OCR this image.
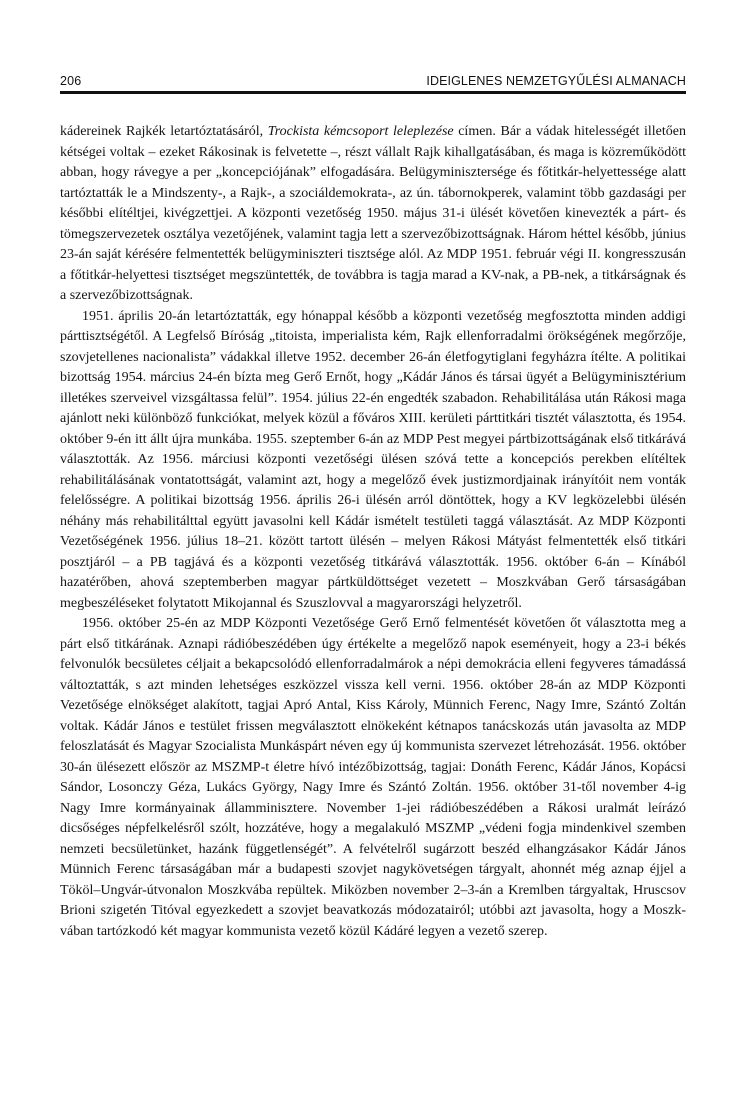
206	IDEIGLENES NEMZETGYŰLÉSI ALMANACH

kádereinek Rajkék letartóztatásáról, Trockista kémcsoport leleplezése címen. Bár a vádak hitelességét illetően kétségei voltak – ezeket Rákosinak is felvetette –, részt vállalt Rajk kihallgatásában, és maga is közreműködött abban, hogy rávegye a per „koncepciójának” elfogadására. Belügyminisztersége és főtitkár-helyettessége alatt tartóztatták le a Mindszenty-, a Rajk-, a szociáldemokrata-, az ún. tábornokperek, valamint több gazdasági per későbbi elítéltjei, kivégzettjei. A központi vezetőség 1950. május 31-i ülését követően kinevezték a párt- és tömegszervezetek osztálya vezetőjének, valamint tagja lett a szervezőbizottságnak. Három héttel később, június 23-án saját kérésére felmentették belügyminiszteri tisztsége alól. Az MDP 1951. február végi II. kongresszusán a főtitkár-helyettesi tisztséget megszüntették, de továbbra is tagja marad a KV-nak, a PB-nek, a titkárságnak és a szervezőbizottságnak.

1951. április 20-án letartóztatták, egy hónappal később a központi vezetőség megfosztotta minden addigi párttisztségétől. A Legfelső Bíróság „titoista, imperialista kém, Rajk ellenforradalmi örökségének megőrzője, szovjetellenes nacionalista” vádakkal illetve 1952. december 26-án életfogytiglani fegyházra ítélte. A politikai bizottság 1954. március 24-én bízta meg Gerő Ernőt, hogy „Kádár János és társai ügyét a Belügyminisztérium illetékes szerveivel vizsgáltassa felül”. 1954. július 22-én engedték szabadon. Rehabilitálása után Rákosi maga ajánlott neki különböző funkciókat, melyek közül a főváros XIII. kerületi párttitkári tisztét választotta, és 1954. október 9-én itt állt újra munkába. 1955. szeptember 6-án az MDP Pest megyei pártbizottságának első titkárává választották. Az 1956. márciusi központi vezetőségi ülésen szóvá tette a koncepciós perekben elítéltek rehabilitálásának vontatottságát, valamint azt, hogy a megelőző évek justizmordjainak irányítóit nem vonták felelősségre. A politikai bizottság 1956. április 26-i ülésén arról döntöttek, hogy a KV legközelebbi ülésén néhány más rehabilitálttal együtt javasolni kell Kádár ismételt testületi taggá választását. Az MDP Központi Vezetőségének 1956. július 18–21. között tartott ülésén – melyen Rákosi Mátyást felmentették első titkári posztjáról – a PB tagjává és a központi vezetőség titkárává választották. 1956. október 6-án – Kínából hazatérőben, ahová szeptemberben magyar pártküldöttséget vezetett – Moszkvában Gerő társaságában megbeszéléseket folytatott Mikojannal és Szuszlovval a magyarországi helyzetről.

1956. október 25-én az MDP Központi Vezetősége Gerő Ernő felmentését követően őt választotta meg a párt első titkárának. Aznapi rádióbeszédében úgy értékelte a megelőző napok eseményeit, hogy a 23-i békés felvonulók becsületes céljait a bekapcsolódó ellenforradalmárok a népi demokrácia elleni fegyveres támadássá változtatták, s azt minden lehetséges eszközzel vissza kell verni. 1956. október 28-án az MDP Központi Vezetősége elnökséget alakított, tagjai Apró Antal, Kiss Károly, Münnich Ferenc, Nagy Imre, Szántó Zoltán voltak. Kádár János e testület frissen megválasztott elnökeként kétnapos tanácskozás után javasolta az MDP feloszlatását és Magyar Szocialista Munkáspárt néven egy új kommunista szervezet létrehozását. 1956. október 30-án ülésezett először az MSZMP-t életre hívó intézőbizottság, tagjai: Donáth Ferenc, Kádár János, Kopácsi Sándor, Losonczy Géza, Lukács György, Nagy Imre és Szántó Zoltán. 1956. október 31-től november 4-ig Nagy Imre kormányainak államminisztere. November 1-jei rádióbeszédében a Rákosi uralmát leírázó dicsőséges népfelkelésről szólt, hozzátéve, hogy a megalakuló MSZMP „védeni fogja mindenkivel szemben nemzeti becsületünket, hazánk függetlenségét”. A felvételről sugárzott beszéd elhangzásakor Kádár János Münnich Ferenc társaságában már a budapesti szovjet nagykövetségen tárgyalt, ahonnét még aznap éjjel a Tököl–Ungvár-útvonalon Moszkvába repültek. Miközben november 2–3-án a Kremlben tárgyaltak, Hruscsov Brioni szigetén Titóval egyezkedett a szovjet beavatkozás módozatairól; utóbbi azt javasolta, hogy a Moszkvában tartózkodó két magyar kommunista vezető közül Kádáré legyen a vezető szerep.
